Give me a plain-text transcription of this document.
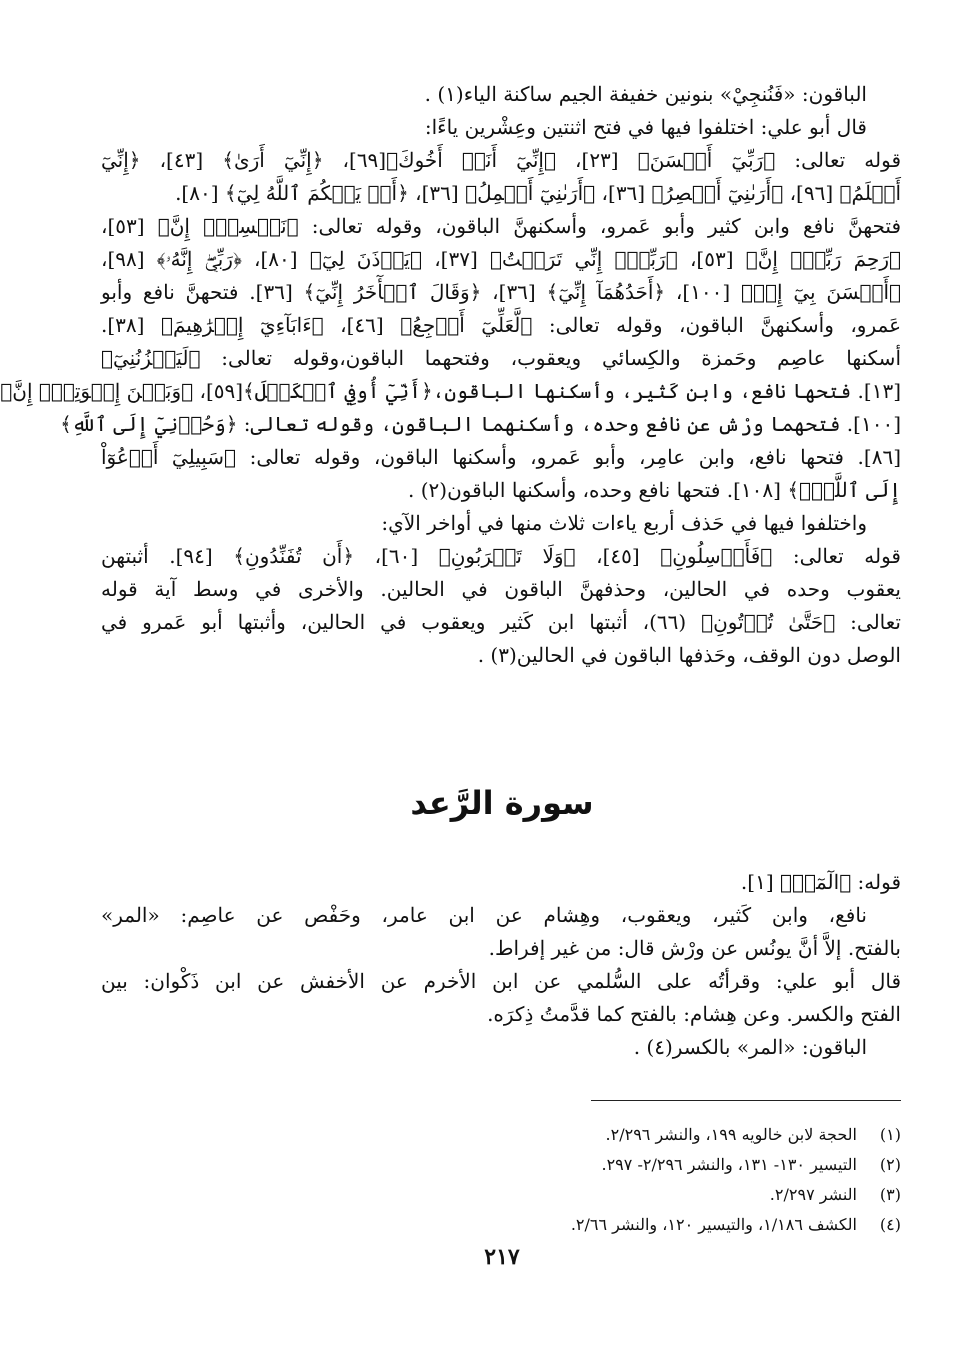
الباقون: «فَنُنجِيْ» بنونين خفيفة الجيم ساكنة الياء(١) .
قال أبو علي: اختلفوا فيها في فتح اثنتين وعِشْرين ياءًا:
قوله تعالى: ﴿رَبِّيٓ أَحۡسَنَ﴾ [٢٣]، ﴿إِنِّيٓ أَنَا۠ أَخُوكَ﴾[٦٩]، ﴿إِنِّيٓ أَرَىٰ﴾ [٤٣]، ﴿إِنِّيٓ
أَعۡلَمُ﴾ [٩٦]، ﴿أَرَىٰنِيٓ أَعۡصِرُ﴾ [٣٦]، ﴿أَرَىٰنِيٓ أَحۡمِلُ﴾ [٣٦]، ﴿أَوۡ يَحۡكُمَ ٱللَّهُ لِيٓ﴾ [٨٠].
فتحهنَّ نافع وابن كثير وأبو عَمرو، وأسكنهنَّ الباقون، وقوله تعالى: ﴿نَفۡسِيٓۚ إِنَّ﴾ [٥٣]،
﴿رَحِمَ رَبِّيٓۚ إِنَّ﴾ [٥٣]، ﴿رَبِّيٓۚ إِنِّي تَرَكۡتُ﴾ [٣٧]، ﴿يَأۡذَنَ لِيٓ﴾ [٨٠]، ﴿رَبِّيٓۖ إِنَّهُۥ﴾ [٩٨]،
﴿أَحۡسَنَ بِيٓ إِذۡ﴾ [١٠٠]، ﴿أَحَدُهُمَآ إِنِّيٓ﴾ [٣٦]، ﴿وَقَالَ ٱلۡأٓخَرُ إِنِّيٓ﴾ [٣٦]. فتحهنَّ نافع وأبو
عَمرو، وأسكنهنَّ الباقون، وقوله تعالى: ﴿لَّعَلِّيٓ أَرۡجِعُ﴾ [٤٦]، ﴿ءَابَآءِيٓ إِبۡرَٰهِيمَ﴾ [٣٨].
أسكنها عاصِم وحَمزة والكِسائي ويعقوب، وفتحهما الباقون،وقوله تعالى: ﴿لَيَحۡزُنُنِيٓ﴾
[١٣]. فتحها نافع، وابن كَثير، وأسكنها الباقون،﴿أَنِّيٓ أُوفِي ٱلۡكَيۡلَ﴾[٥٩]، ﴿وَبَيۡنَ إِخۡوَتِيٓۚ إِنَّ﴾
[١٠٠]. فتحهما ورْش عن نافع وحده، وأسكنهما الباقون، وقوله تعالى: ﴿وَحُزۡنِيٓ إِلَى ٱللَّهِ﴾
[٨٦]. فتحها نافع، وابن عامِر، وأبو عَمرو، وأسكنها الباقون، وقوله تعالى: ﴿سَبِيلِيٓ أَدۡعُوٓاْ
إِلَى ٱللَّهِۚ﴾ [١٠٨]. فتحها نافع وحده، وأسكنها الباقون(٢) .
واختلفوا فيها في حَذف أربع ياءات ثلاث منها في أواخر الآي:
قوله تعالى: ﴿فَأَرۡسِلُونِ﴾ [٤٥]، ﴿وَلَا تَقۡرَبُونِ﴾ [٦٠]، ﴿أَن تُفَنِّدُونِ﴾ [٩٤]. أثبتهن
يعقوب وحده في الحالين، وحذفهنَّ الباقون في الحالين. والأخرى في وسط آية قوله
تعالى: ﴿حَتَّىٰ تُؤۡتُونِ﴾ (٦٦)، أثبتها ابن كَثير ويعقوب في الحالين، وأثبتها أبو عَمرو في
الوصل دون الوقف، وحَذفها الباقون في الحالين(٣) .
سورة الرَّعد
قوله: ﴿الٓمٓرۚ﴾ [١].
نافع، وابن كَثير، ويعقوب، وهِشام عن ابن عامر، وحَفْص عن عاصِم: «المر»
بالفتح. إلاَّ أنَّ يونُس عن ورْش قال: من غير إفراط.
قال أبو علي: وقرأتُه على السُّلمي عن ابن الأخرم عن الأخفش عن ابن ذَكْوان: بين
الفتح والكسر. وعن هِشام: بالفتح كما قدَّمتُ ذِكرَه.
الباقون: «المر» بالكسر(٤) .
(١)الحجة لابن خالويه ١٩٩، والنشر ٢/٢٩٦.
(٢)التيسير ١٣٠- ١٣١، والنشر ٢/٢٩٦- ٢٩٧.
(٣)النشر ٢/٢٩٧.
(٤)الكشف ١/١٨٦، والتيسير ١٢٠، والنشر ٢/٦٦.
٢١٧
